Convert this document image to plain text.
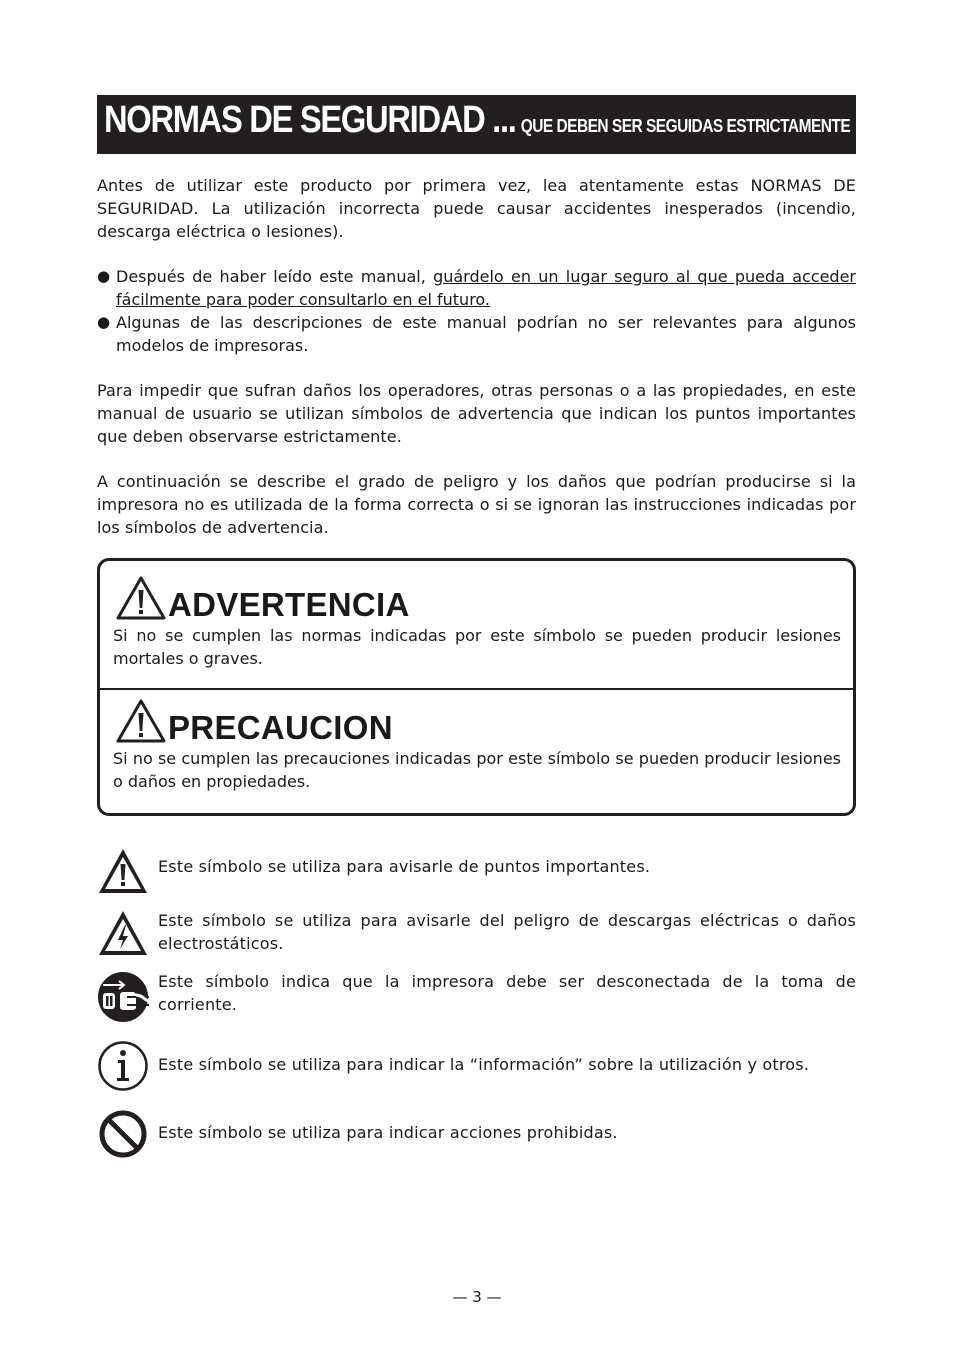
NORMAS DE SEGURIDAD ... QUE DEBEN SER SEGUIDAS ESTRICTAMENTE

Antes de utilizar este producto por primera vez, lea atentamente estas NORMAS DE SEGURIDAD. La utilización incorrecta puede causar accidentes inesperados (incendio, descarga eléctrica o lesiones).

● Después de haber leído este manual, guárdelo en un lugar seguro al que pueda acceder fácilmente para poder consultarlo en el futuro.
● Algunas de las descripciones de este manual podrían no ser relevantes para algunos modelos de impresoras.

Para impedir que sufran daños los operadores, otras personas o a las propiedades, en este manual de usuario se utilizan símbolos de advertencia que indican los puntos importantes que deben observarse estrictamente.

A continuación se describe el grado de peligro y los daños que podrían producirse si la impresora no es utilizada de la forma correcta o si se ignoran las instrucciones indicadas por los símbolos de advertencia.

ADVERTENCIA
Si no se cumplen las normas indicadas por este símbolo se pueden producir lesiones mortales o graves.
PRECAUCION
Si no se cumplen las precauciones indicadas por este símbolo se pueden producir lesiones o daños en propiedades.
Este símbolo se utiliza para avisarle de puntos importantes.
Este símbolo se utiliza para avisarle del peligro de descargas eléctricas o daños electrostáticos.
Este símbolo indica que la impresora debe ser desconectada de la toma de corriente.
Este símbolo se utiliza para indicar la “información” sobre la utilización y otros.
Este símbolo se utiliza para indicar acciones prohibidas.
— 3 —
